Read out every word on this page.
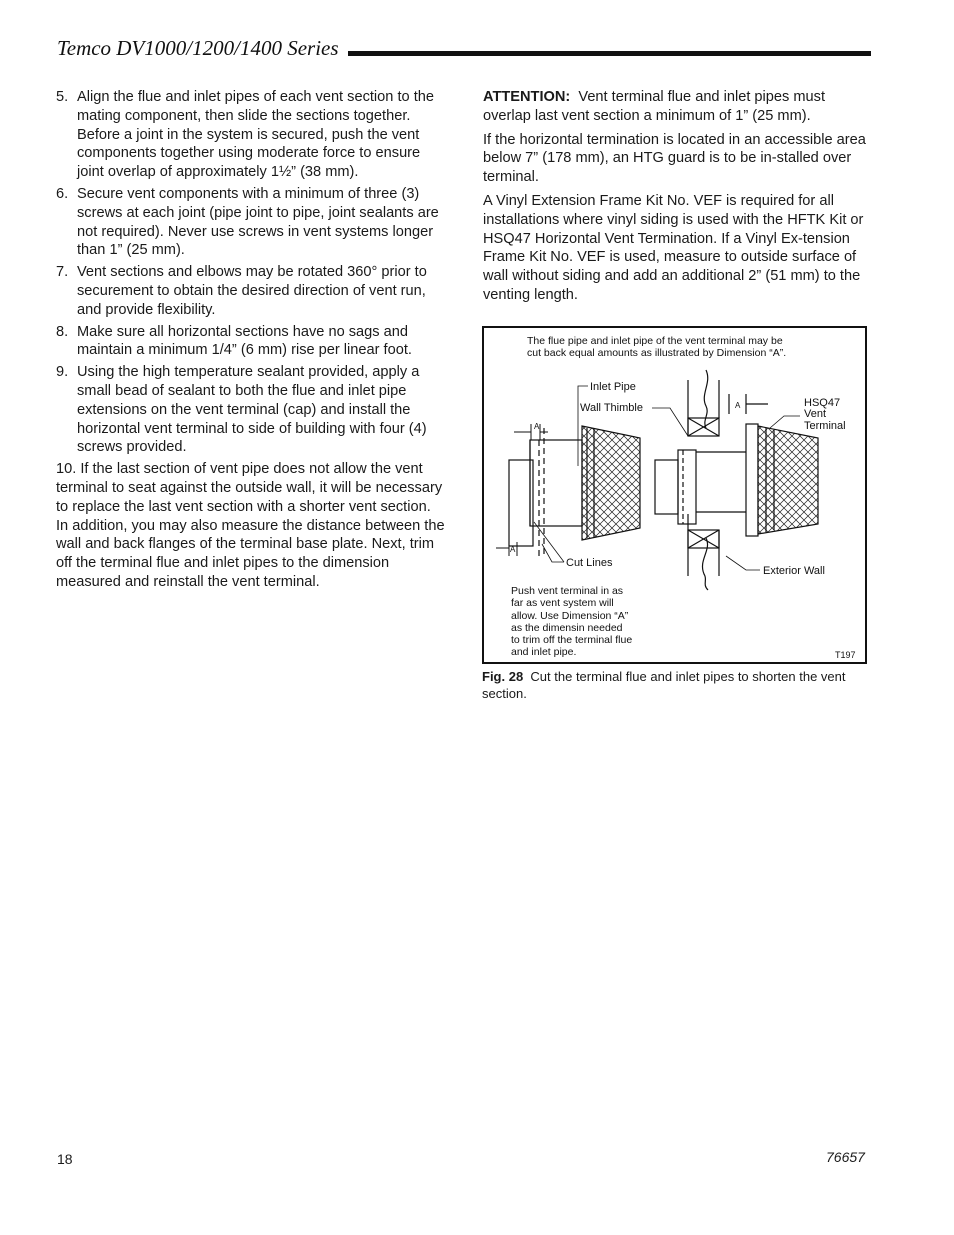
Temco DV1000/1200/1400 Series
5. Align the flue and inlet pipes of each vent section to the mating component, then slide the sections together. Before a joint in the system is secured, push the vent components together using moderate force to ensure joint overlap of approximately 1½” (38 mm).
6. Secure vent components with a minimum of three (3) screws at each joint (pipe joint to pipe, joint sealants are not required). Never use screws in vent systems longer than 1” (25 mm).
7. Vent sections and elbows may be rotated 360° prior to securement to obtain the desired direction of vent run, and provide flexibility.
8. Make sure all horizontal sections have no sags and maintain a minimum 1/4” (6 mm) rise per linear foot.
9. Using the high temperature sealant provided, apply a small bead of sealant to both the flue and inlet pipe extensions on the vent terminal (cap) and install the horizontal vent terminal to side of building with four (4) screws provided.

10. If the last section of vent pipe does not allow the vent terminal to seat against the outside wall, it will be necessary to replace the last vent section with a shorter vent section. In addition, you may also measure the distance between the wall and back flanges of the terminal base plate. Next, trim off the terminal flue and inlet pipes to the dimension measured and reinstall the vent terminal.

ATTENTION: Vent terminal flue and inlet pipes must overlap last vent section a minimum of 1” (25 mm).

If the horizontal termination is located in an accessible area below 7” (178 mm), an HTG guard is to be in-stalled over terminal.

A Vinyl Extension Frame Kit No. VEF is required for all installations where vinyl siding is used with the HFTK Kit or HSQ47 Horizontal Vent Termination. If a Vinyl Ex-tension Frame Kit No. VEF is used, measure to outside surface of wall without siding and add an additional 2” (51 mm) to the venting length.

The flue pipe and inlet pipe of the vent terminal may be
cut back equal amounts as illustrated by Dimension “A”.
A
A
A
Inlet Pipe
Wall Thimble	HSQ47
Vent
Terminal
Cut Lines
Exterior Wall
Push vent terminal in as
far as vent system will
allow. Use Dimension “A”
as the dimensin needed
to trim off the terminal flue
and inlet pipe.	T197
Fig. 28 Cut the terminal flue and inlet pipes to shorten the vent section.
18	76657
